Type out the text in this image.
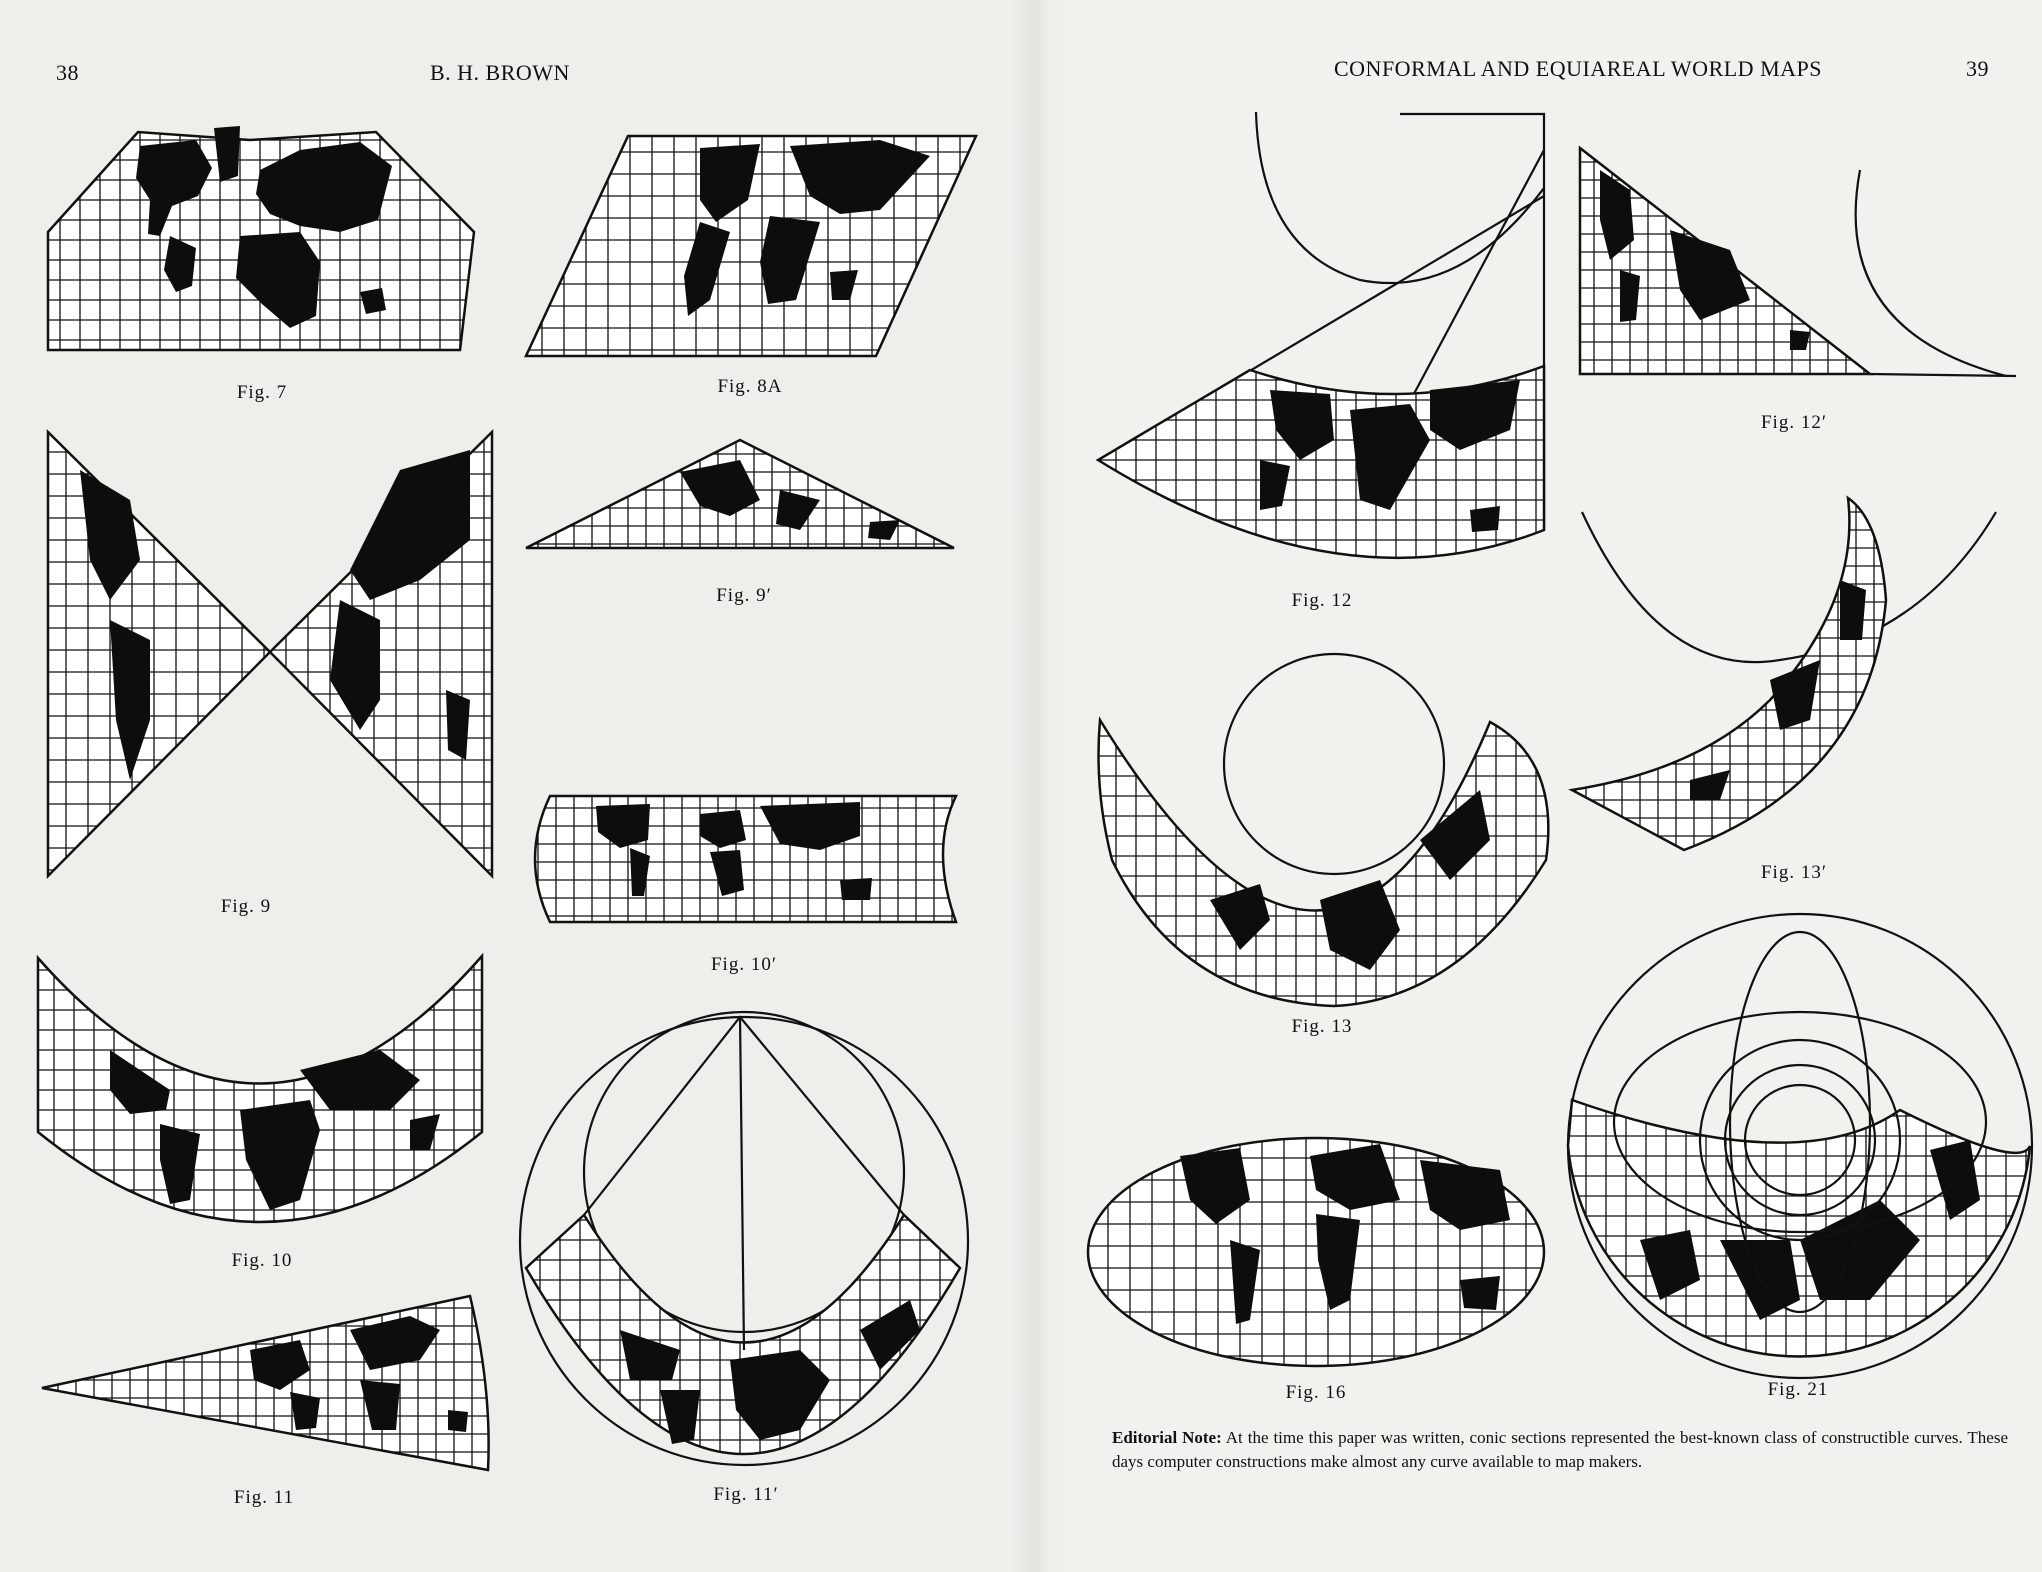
38	B. H. BROWN	CONFORMAL AND EQUIAREAL WORLD MAPS	39
Fig. 7	Fig. 8A
Fig. 9′
Fig. 9
Fig. 10′
Fig. 10
Fig. 11	Fig. 11′
Fig. 12
Fig. 12′
Fig. 13′
Fig. 13
Fig. 16	Fig. 21
Editorial Note: At the time this paper was written, conic sections represented the best-known class of constructible curves. These days computer constructions make almost any curve available to map makers.
